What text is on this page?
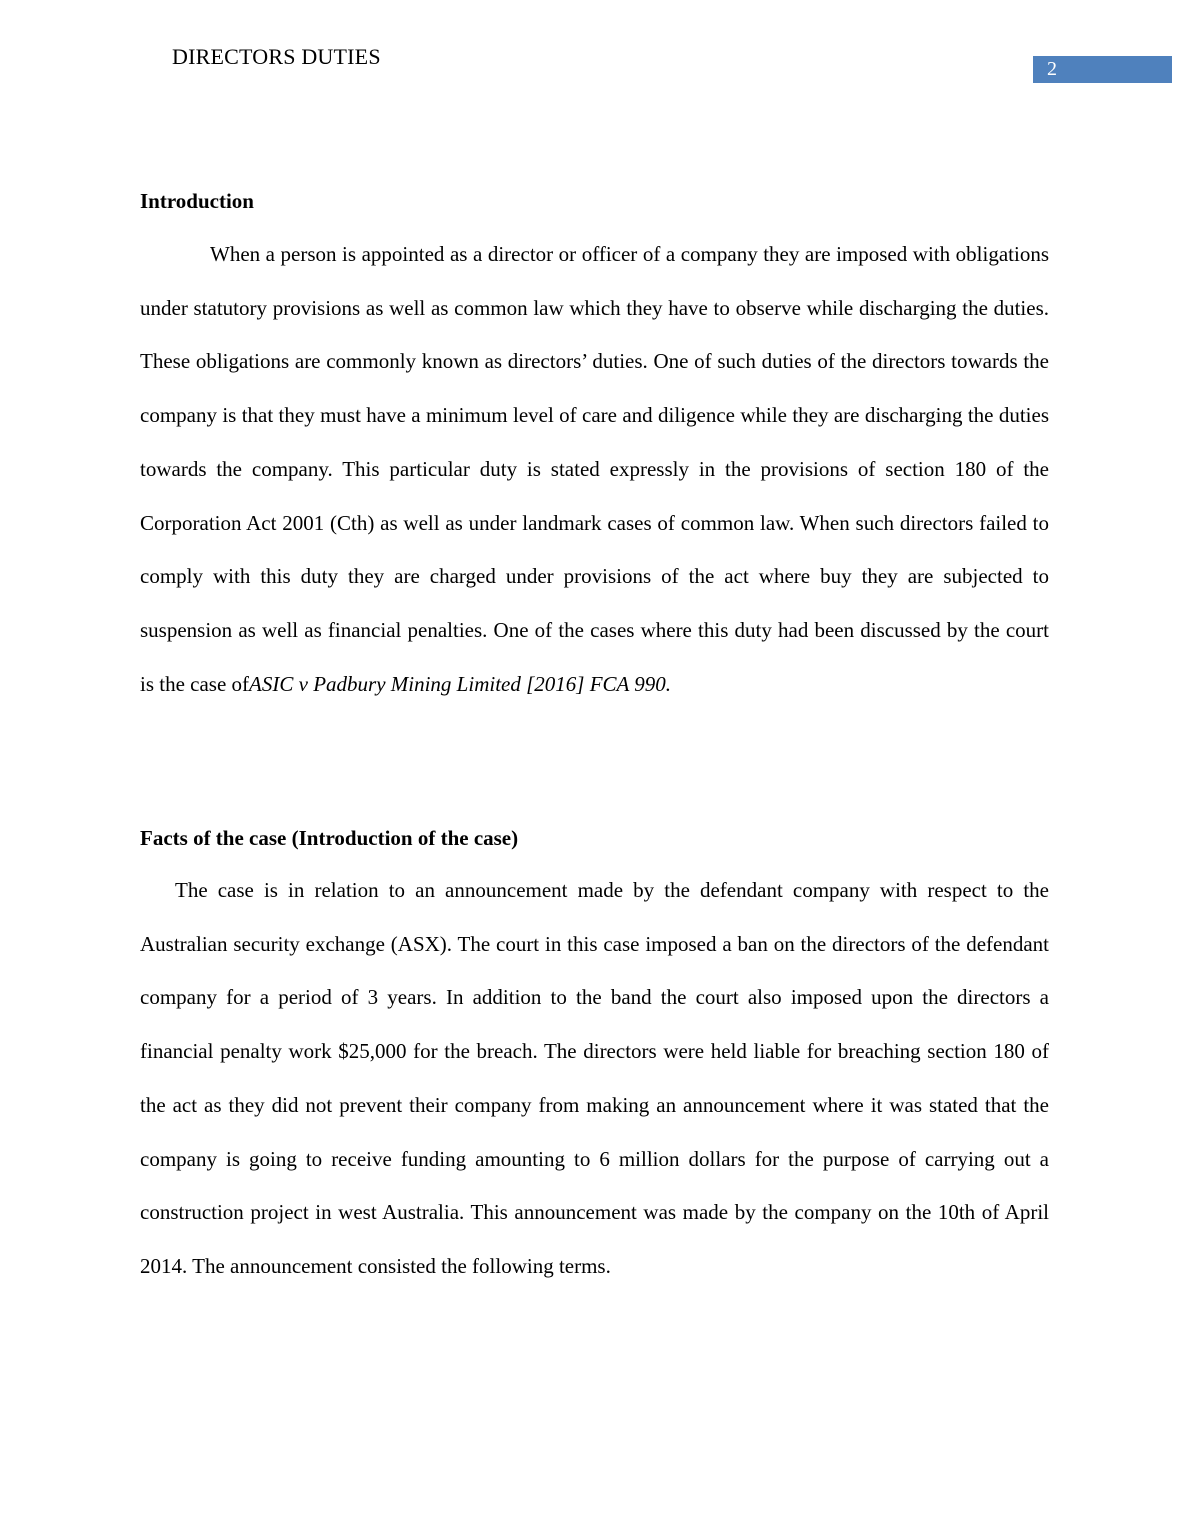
DIRECTORS DUTIES	2
Introduction
When a person is appointed as a director or officer of a company they are imposed with obligations under statutory provisions as well as common law which they have to observe while discharging the duties. These obligations are commonly known as directors’ duties. One of such duties of the directors towards the company is that they must have a minimum level of care and diligence while they are discharging the duties towards the company. This particular duty is stated expressly in the provisions of section 180 of the Corporation Act 2001 (Cth) as well as under landmark cases of common law. When such directors failed to comply with this duty they are charged under provisions of the act where buy they are subjected to suspension as well as financial penalties. One of the cases where this duty had been discussed by the court is the case ofASIC v Padbury Mining Limited [2016] FCA 990.
Facts of the case (Introduction of the case)
The case is in relation to an announcement made by the defendant company with respect to the Australian security exchange (ASX). The court in this case imposed a ban on the directors of the defendant company for a period of 3 years. In addition to the band the court also imposed upon the directors a financial penalty work $25,000 for the breach. The directors were held liable for breaching section 180 of the act as they did not prevent their company from making an announcement where it was stated that the company is going to receive funding amounting to 6 million dollars for the purpose of carrying out a construction project in west Australia. This announcement was made by the company on the 10th of April 2014. The announcement consisted the following terms.
